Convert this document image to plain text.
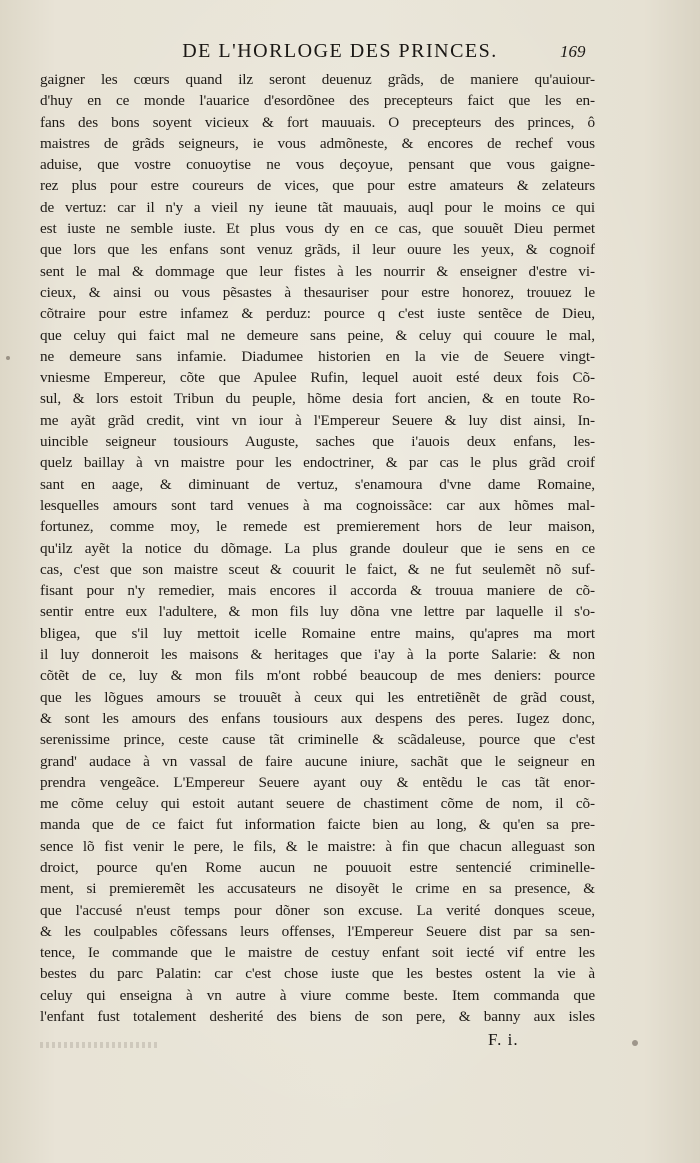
DE L'HORLOGE DES PRINCES.	169
gaigner les cœurs quand ilz seront deuenuz grãds, de maniere qu'auiour-
d'huy en ce monde l'auarice d'esordõnee des precepteurs faict que les en-
fans des bons soyent vicieux & fort mauuais. O precepteurs des princes, ô
maistres de grãds seigneurs, ie vous admõneste, & encores de rechef vous
aduise, que vostre conuoytise ne vous deçoyue, pensant que vous gaigne-
rez plus pour estre coureurs de vices, que pour estre amateurs & zelateurs
de vertuz: car il n'y a vieil ny ieune tãt mauuais, auql pour le moins ce qui
est iuste ne semble iuste. Et plus vous dy en ce cas, que souuẽt Dieu permet
que lors que les enfans sont venuz grãds, il leur ouure les yeux, & cognoif
sent le mal & dommage que leur fistes à les nourrir & enseigner d'estre vi-
cieux, & ainsi ou vous pẽsastes à thesauriser pour estre honorez, trouuez le
cõtraire pour estre infamez & perduz: pource q c'est iuste sentẽce de Dieu,
que celuy qui faict mal ne demeure sans peine, & celuy qui couure le mal,
ne demeure sans infamie. Diadumee historien en la vie de Seuere vingt-
vniesme Empereur, cõte que Apulee Rufin, lequel auoit esté deux fois Cõ-
sul, & lors estoit Tribun du peuple, hõme desia fort ancien, & en toute Ro-
me ayãt grãd credit, vint vn iour à l'Empereur Seuere & luy dist ainsi, In-
uincible seigneur tousiours Auguste, saches que i'auois deux enfans, les-
quelz baillay à vn maistre pour les endoctriner, & par cas le plus grãd croif
sant en aage, & diminuant de vertuz, s'enamoura d'vne dame Romaine,
lesquelles amours sont tard venues à ma cognoissãce: car aux hõmes mal-
fortunez, comme moy, le remede est premierement hors de leur maison,
qu'ilz ayẽt la notice du dõmage. La plus grande douleur que ie sens en ce
cas, c'est que son maistre sceut & couurit le faict, & ne fut seulemẽt nõ suf-
fisant pour n'y remedier, mais encores il accorda & trouua maniere de cõ-
sentir entre eux l'adultere, & mon fils luy dõna vne lettre par laquelle il s'o-
bligea, que s'il luy mettoit icelle Romaine entre mains, qu'apres ma mort
il luy donneroit les maisons & heritages que i'ay à la porte Salarie: & non
cõtẽt de ce, luy & mon fils m'ont robbé beaucoup de mes deniers: pource
que les lõgues amours se trouuẽt à ceux qui les entretiẽnẽt de grãd coust,
& sont les amours des enfans tousiours aux despens des peres. Iugez donc,
serenissime prince, ceste cause tãt criminelle & scãdaleuse, pource que c'est
grand' audace à vn vassal de faire aucune iniure, sachãt que le seigneur en
prendra vengeãce. L'Empereur Seuere ayant ouy & entẽdu le cas tãt enor-
me cõme celuy qui estoit autant seuere de chastiment cõme de nom, il cõ-
manda que de ce faict fut information faicte bien au long, & qu'en sa pre-
sence lõ fist venir le pere, le fils, & le maistre: à fin que chacun alleguast son
droict, pource qu'en Rome aucun ne pouuoit estre sentencié criminelle-
ment, si premieremẽt les accusateurs ne disoyẽt le crime en sa presence, &
que l'accusé n'eust temps pour dõner son excuse. La verité donques sceue,
& les coulpables cõfessans leurs offenses, l'Empereur Seuere dist par sa sen-
tence, Ie commande que le maistre de cestuy enfant soit iecté vif entre les
bestes du parc Palatin: car c'est chose iuste que les bestes ostent la vie à
celuy qui enseigna à vn autre à viure comme beste. Item commanda que
l'enfant fust totalement desherité des biens de son pere, & banny aux isles
F. i.
